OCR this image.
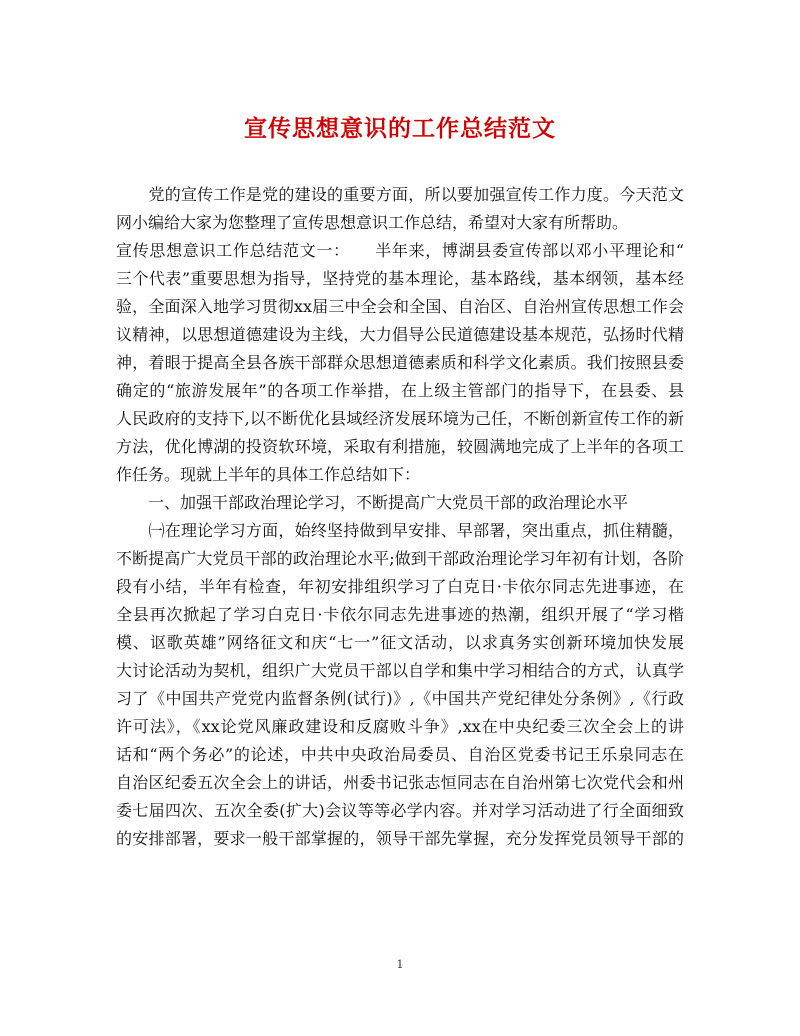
宣传思想意识的工作总结范文
　　党的宣传工作是党的建设的重要方面，所以要加强宣传工作力度。今天范文
网小编给大家为您整理了宣传思想意识工作总结，希望对大家有所帮助。
宣传思想意识工作总结范文一：　　半年来，博湖县委宣传部以邓小平理论和“
三个代表”重要思想为指导，坚持党的基本理论，基本路线，基本纲领，基本经
验，全面深入地学习贯彻xx届三中全会和全国、自治区、自治州宣传思想工作会
议精神，以思想道德建设为主线，大力倡导公民道德建设基本规范，弘扬时代精
神，着眼于提高全县各族干部群众思想道德素质和科学文化素质。我们按照县委
确定的“旅游发展年”的各项工作举措，在上级主管部门的指导下，在县委、县
人民政府的支持下,以不断优化县域经济发展环境为己任，不断创新宣传工作的新
方法，优化博湖的投资软环境，采取有利措施，较圆满地完成了上半年的各项工
作任务。现就上半年的具体工作总结如下：
　　一、加强干部政治理论学习，不断提高广大党员干部的政治理论水平
　　㈠在理论学习方面，始终坚持做到早安排、早部署，突出重点，抓住精髓，
不断提高广大党员干部的政治理论水平;做到干部政治理论学习年初有计划，各阶
段有小结，半年有检查，年初安排组织学习了白克日·卡依尔同志先进事迹，在
全县再次掀起了学习白克日·卡依尔同志先进事迹的热潮，组织开展了“学习楷
模、讴歌英雄”网络征文和庆“七一”征文活动，以求真务实创新环境加快发展
大讨论活动为契机，组织广大党员干部以自学和集中学习相结合的方式，认真学
习了《中国共产党党内监督条例(试行)》,《中国共产党纪律处分条例》,《行政
许可法》，《xx论党风廉政建设和反腐败斗争》,xx在中央纪委三次全会上的讲
话和“两个务必”的论述，中共中央政治局委员、自治区党委书记王乐泉同志在
自治区纪委五次全会上的讲话，州委书记张志恒同志在自治州第七次党代会和州
委七届四次、五次全委(扩大)会议等等必学内容。并对学习活动进了行全面细致
的安排部署，要求一般干部掌握的，领导干部先掌握，充分发挥党员领导干部的
1
